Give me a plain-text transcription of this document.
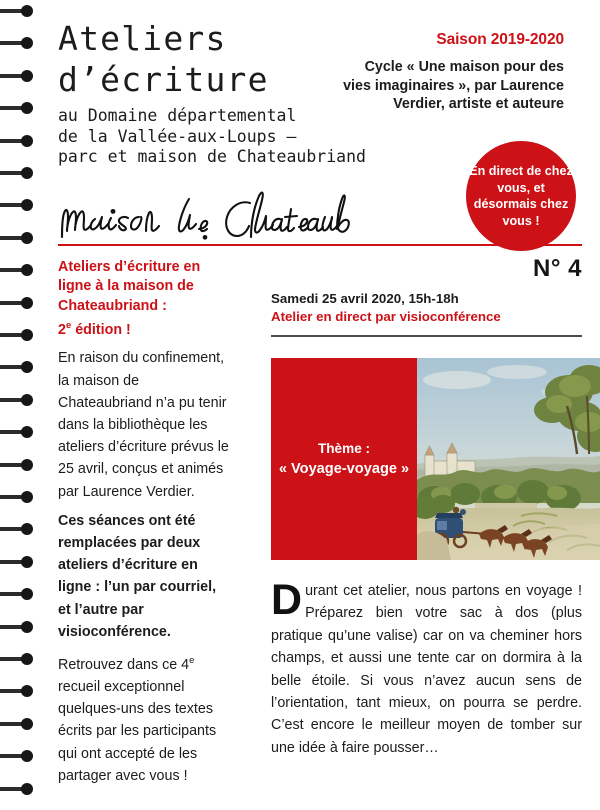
Ateliers
d’écriture
au Domaine départemental
de la Vallée-aux-Loups –
parc et maison de Chateaubriand
Saison 2019-2020
Cycle « Une maison pour des vies imaginaires », par Laurence Verdier, artiste et auteure
En direct de chez vous, et désormais chez vous !
Ateliers d’écriture en
ligne à la maison de
Chateaubriand :
2e édition !
En raison du confinement, la maison de Chateaubriand n’a pu tenir dans la bibliothèque les ateliers d’écriture prévus le 25 avril, conçus et animés par Laurence Verdier.
Ces séances ont été remplacées par deux ateliers d’écriture en ligne : l’un par courriel, et l’autre par visioconférence.
Retrouvez dans ce 4e recueil exceptionnel quelques-uns des textes écrits par les participants qui ont accepté de les partager avec vous !
N° 4
Samedi 25 avril 2020, 15h-18h
Atelier en direct par visioconférence
Thème :
« Voyage-voyage »
Durant cet atelier, nous partons en voyage ! Préparez bien votre sac à dos (plus pratique qu’une valise) car on va cheminer hors champs, et aussi une tente car on dormira à la belle étoile. Si vous n’avez aucun sens de l’orientation, tant mieux, on pourra se perdre. C’est encore le meilleur moyen de tomber sur une idée à faire pousser…
